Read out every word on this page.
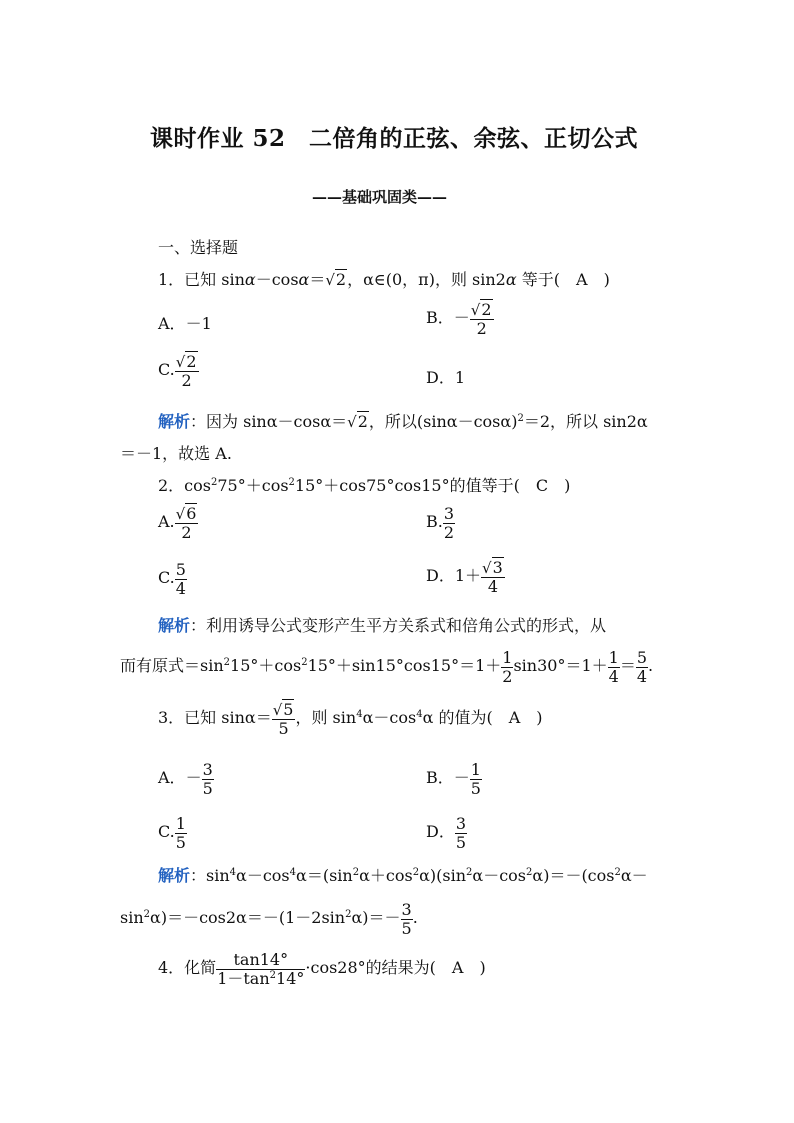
课时作业 52　二倍角的正弦、余弦、正切公式
——基础巩固类——
一、选择题
1．已知 sinα－cosα＝√2，α∈(0，π)，则 sin2α 等于(　A　)
A．－1	B．－ $\frac{√2}{2}$
C. $\frac{√2}{2}$	D．1
解析：因为 sinα－cosα＝√2，所以$(\sin\alpha-\cos\alpha)^2=2$，所以 sin2α
＝－1，故选 A.
2．$\cos^275^\circ+\cos^215^\circ+\cos 75^\circ\cos 15^\circ$的值等于(　C　)
A. $\frac{√6}{2}$	B. $\frac{3}{2}$
C. $\frac{5}{4}$	D．$1+ \frac{√3}{4}$
解析：利用诱导公式变形产生平方关系式和倍角公式的形式，从
而有原式$=\sin^215^\circ+\cos^215^\circ+\sin 15^\circ\cos 15^\circ=1+ \frac{1}{2} \sin 30^\circ=1+ \frac{1}{4} = \frac{5}{4}$ .
3．已知 $\sin\alpha= \frac{√5}{5}$ ，则 $\sin^4\alpha-\cos^4\alpha$ 的值为(　A　)
A．－ $\frac{3}{5}$	B．－ $\frac{1}{5}$
C. $\frac{1}{5}$	D． $\frac{3}{5}$
解析：$\sin^4\alpha-\cos^4\alpha=(\sin^2\alpha+\cos^2\alpha)(\sin^2\alpha-\cos^2\alpha)=-(\cos^2\alpha-$
$\sin^2\alpha)=-\cos 2\alpha=-(1-2\sin^2\alpha)=- \frac{3}{5}$ .
4．化简 $\frac{\tan 14^\circ}{1-\tan^214^\circ} \cdot\cos 28^\circ$的结果为(　A　)
